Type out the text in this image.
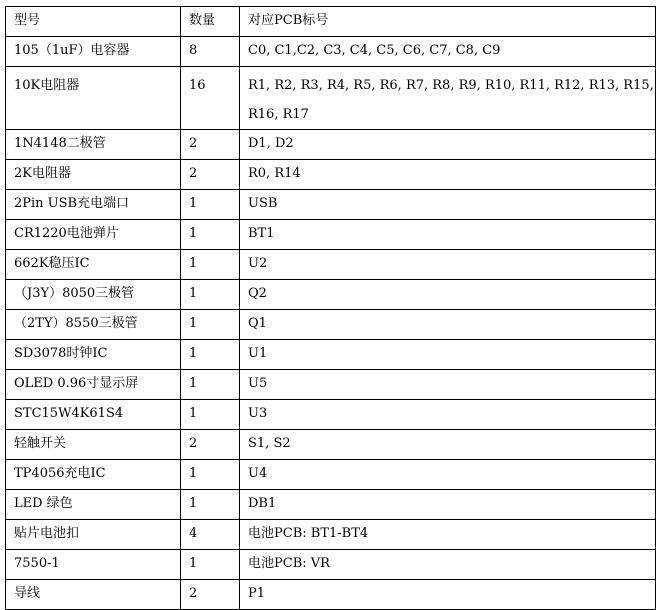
型号	数量	对应PCB标号
105（1uF）电容器	8	C0, C1,C2, C3, C4, C5, C6, C7, C8, C9
10K电阻器	16	R1, R2, R3, R4, R5, R6, R7, R8, R9, R10, R11, R12, R13, R15, R16, R17
1N4148二极管	2	D1, D2
2K电阻器	2	R0, R14
2Pin USB充电端口	1	USB
CR1220电池弹片	1	BT1
662K稳压IC	1	U2
（J3Y）8050三极管	1	Q2
（2TY）8550三极管	1	Q1
SD3078时钟IC	1	U1
OLED 0.96寸显示屏	1	U5
STC15W4K61S4	1	U3
轻触开关	2	S1, S2
TP4056充电IC	1	U4
LED 绿色	1	DB1
贴片电池扣	4	电池PCB: BT1-BT4
7550-1	1	电池PCB: VR
导线	2	P1
